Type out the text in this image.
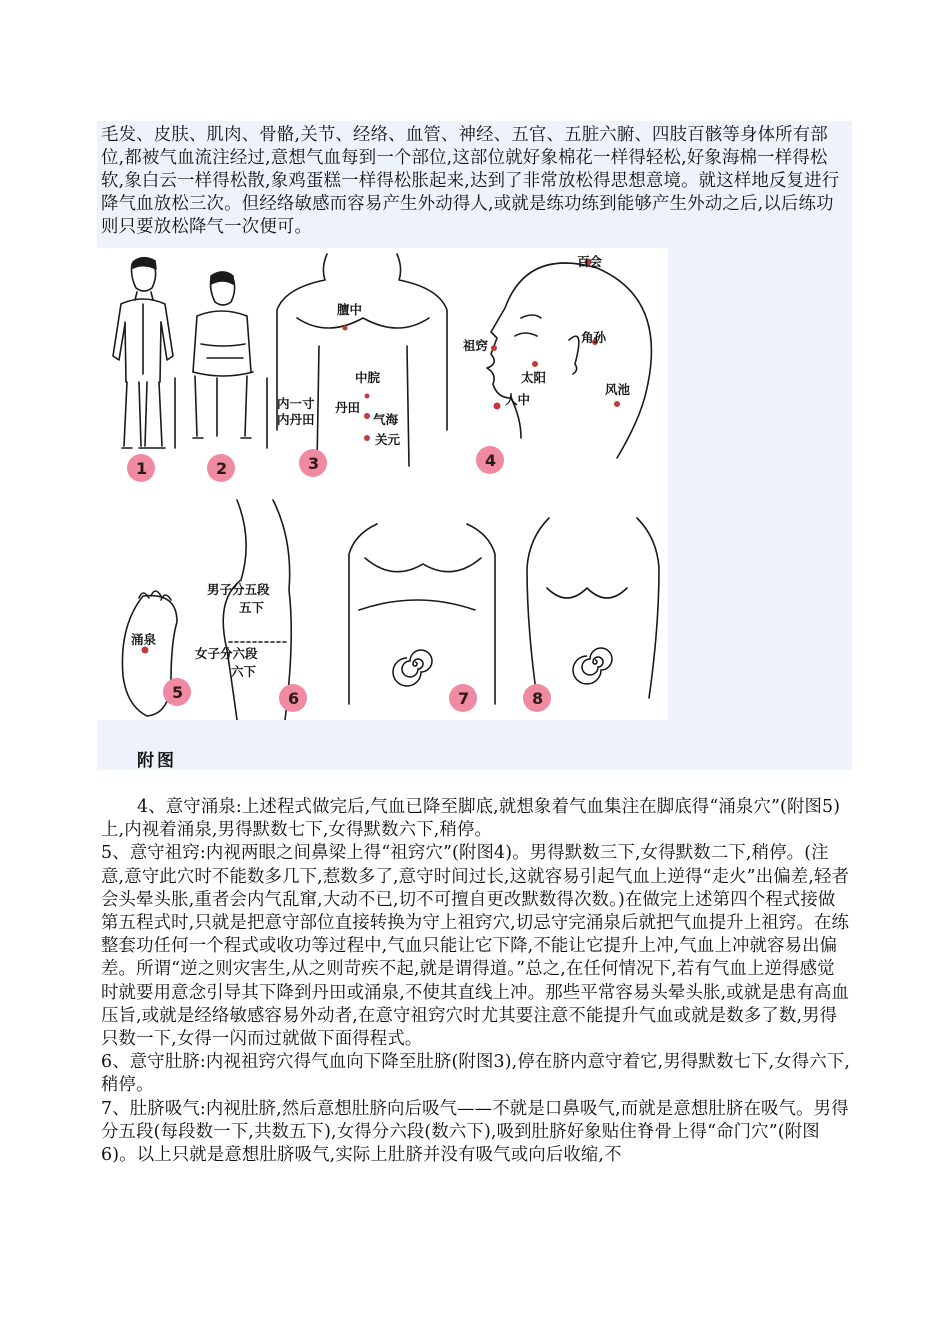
毛发、皮肤、肌肉、骨骼,关节、经络、血管、神经、五官、五脏六腑、四肢百骸等身体所有部位,都被气血流注经过,意想气血每到一个部位,这部位就好象棉花一样得轻松,好象海棉一样得松软,象白云一样得松散,象鸡蛋糕一样得松胀起来,达到了非常放松得思想意境。就这样地反复进行降气血放松三次。但经络敏感而容易产生外动得人,或就是练功练到能够产生外动之后,以后练功则只要放松降气一次便可。

膻中
中脘
内一寸
内丹田
丹田
气海
关元
百会
祖窍
角孙
太阳
人中
风池
涌泉
男子分五段
五下
女子分六段
六下
1	2	3	4
5	6	7	8
附图

4、意守涌泉:上述程式做完后,气血已降至脚底,就想象着气血集注在脚底得“涌泉穴”(附图5)上,内视着涌泉,男得默数七下,女得默数六下,稍停。

5、意守祖窍:内视两眼之间鼻梁上得“祖窍穴”(附图4)。男得默数三下,女得默数二下,稍停。(注意,意守此穴时不能数多几下,惹数多了,意守时间过长,这就容易引起气血上逆得“走火”出偏差,轻者会头晕头胀,重者会内气乱窜,大动不已,切不可擅自更改默数得次数。)在做完上述第四个程式接做第五程式时,只就是把意守部位直接转换为守上祖窍穴,切忌守完涌泉后就把气血提升上祖窍。在练整套功任何一个程式或收功等过程中,气血只能让它下降,不能让它提升上冲,气血上冲就容易出偏差。所谓“逆之则灾害生,从之则苛疾不起,就是谓得道。”总之,在任何情况下,若有气血上逆得感觉时就要用意念引导其下降到丹田或涌泉,不使其直线上冲。那些平常容易头晕头胀,或就是患有高血压旨,或就是经络敏感容易外动者,在意守祖窍穴时尤其要注意不能提升气血或就是数多了数,男得只数一下,女得一闪而过就做下面得程式。

6、意守肚脐:内视祖窍穴得气血向下降至肚脐(附图3),停在脐内意守着它,男得默数七下,女得六下,稍停。

7、肚脐吸气:内视肚脐,然后意想肚脐向后吸气——不就是口鼻吸气,而就是意想肚脐在吸气。男得分五段(每段数一下,共数五下),女得分六段(数六下),吸到肚脐好象贴住脊骨上得“命门穴”(附图6)。以上只就是意想肚脐吸气,实际上肚脐并没有吸气或向后收缩,不
